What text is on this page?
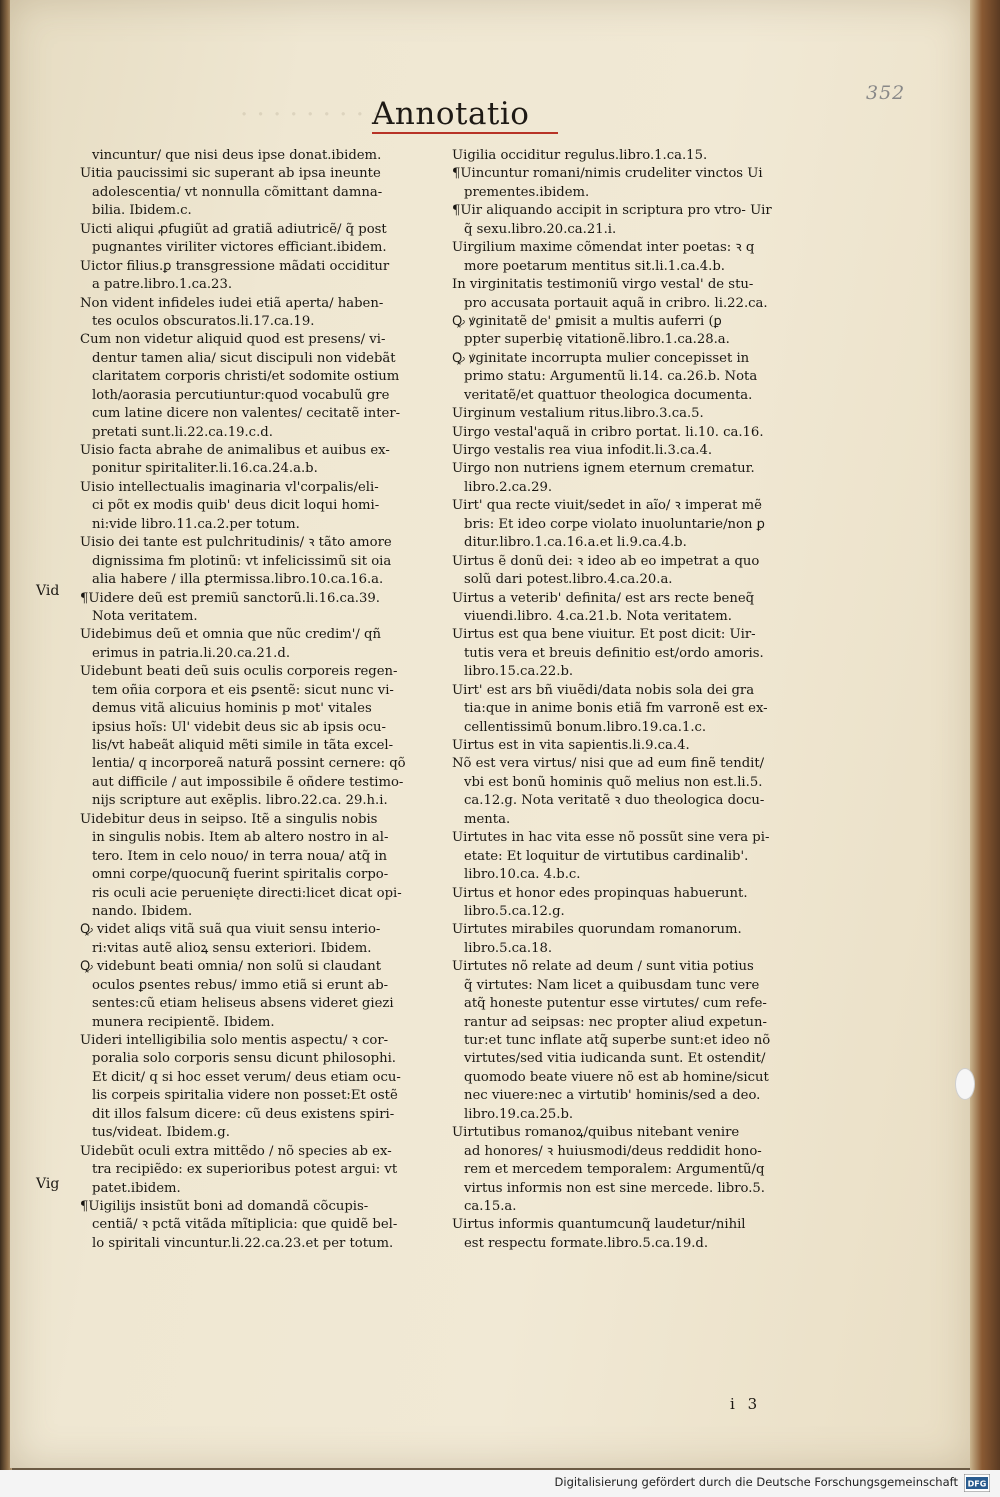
· · · · · · · · ·
352
Annotatio
Vid
Vig
vincuntur/ que nisi deus ipse donat.ibidem.
Uitia paucissimi sic superant ab ipsa ineunte
adolescentia/ vt nonnulla cõmittant damna-
bilia. Ibidem.c.
Uicti aliqui ꝓfugiũt ad gratiã adiutricẽ/ q̃ post
pugnantes viriliter victores efficiant.ibidem.
Uictor filius.ꝑ transgressione mãdati occiditur
a patre.libro.1.ca.23.
Non vident infideles iudei etiã aperta/ haben-
tes oculos obscuratos.li.17.ca.19.
Cum non videtur aliquid quod est presens/ vi-
dentur tamen alia/ sicut discipuli non videbãt
claritatem corporis christi/et sodomite ostium
loth/aorasia percutiuntur:quod vocabulũ gre
cum latine dicere non valentes/ cecitatẽ inter-
pretati sunt.li.22.ca.19.c.d.
Uisio facta abrahe de animalibus et auibus ex-
ponitur spiritaliter.li.16.ca.24.a.b.
Uisio intellectualis imaginaria vl'corpalis/eli-
ci põt ex modis quib' deus dicit loqui homi-
ni:vide libro.11.ca.2.per totum.
Uisio dei tante est pulchritudinis/ ꝛ tãto amore
dignissima fm plotinũ: vt infelicissimũ sit oia
alia habere / illa ꝑtermissa.libro.10.ca.16.a.
¶Uidere deũ est premiũ sanctorũ.li.16.ca.39.
Nota veritatem.
Uidebimus deũ et omnia que nũc credim'/ qñ
erimus in patria.li.20.ca.21.d.
Uidebunt beati deũ suis oculis corporeis regen-
tem oñia corpora et eis ꝑsentẽ: sicut nunc vi-
demus vitã alicuius hominis p mot' vitales
ipsius hoĩs: Ul' videbit deus sic ab ipsis ocu-
lis/vt habeãt aliquid mẽti simile in tãta excel-
lentia/ q incorporeã naturã possint cernere: qõ
aut difficile / aut impossibile ẽ oñdere testimo-
nijs scripture aut exẽplis. libro.22.ca. 29.h.i.
Uidebitur deus in seipso. Itẽ a singulis nobis
in singulis nobis. Item ab altero nostro in al-
tero. Item in celo nouo/ in terra noua/ atq̃ in
omni corpe/quocunq̃ fuerint spiritalis corpo-
ris oculi acie peruenięte directi:licet dicat opi-
nando. Ibidem.
Ꝙ videt aliqs vitã suã qua viuit sensu interio-
ri:vitas autẽ alioꝝ sensu exteriori. Ibidem.
Ꝙ videbunt beati omnia/ non solũ si claudant
oculos ꝑsentes rebus/ immo etiã si erunt ab-
sentes:cũ etiam heliseus absens videret giezi
munera recipientẽ. Ibidem.
Uideri intelligibilia solo mentis aspectu/ ꝛ cor-
poralia solo corporis sensu dicunt philosophi.
Et dicit/ q si hoc esset verum/ deus etiam ocu-
lis corpeis spiritalia videre non posset:Et ostẽ
dit illos falsum dicere: cũ deus existens spiri-
tus/videat. Ibidem.g.
Uidebũt oculi extra mittẽdo / nõ species ab ex-
tra recipiẽdo: ex superioribus potest argui: vt
patet.ibidem.
¶Uigilijs insistũt boni ad domandã cõcupis-
centiã/ ꝛ pctã vitãda mĩtiplicia: que quidẽ bel-
lo spiritali vincuntur.li.22.ca.23.et per totum.
Uigilia occiditur regulus.libro.1.ca.15.
¶Uincuntur romani/nimis crudeliter vinctos Ui
prementes.ibidem.
¶Uir aliquando accipit in scriptura pro vtro- Uir
q̃ sexu.libro.20.ca.21.i.
Uirgilium maxime cõmendat inter poetas: ꝛ q
more poetarum mentitus sit.li.1.ca.4.b.
In virginitatis testimoniũ virgo vestal' de stu-
pro accusata portauit aquã in cribro. li.22.ca.
Ꝙ ꝟginitatẽ de' ꝑmisit a multis auferri (ꝑ
ppter superbię vitationẽ.libro.1.ca.28.a.
Ꝙ ꝟginitate incorrupta mulier concepisset in
primo statu: Argumentũ li.14. ca.26.b. Nota
veritatẽ/et quattuor theologica documenta.
Uirginum vestalium ritus.libro.3.ca.5.
Uirgo vestal'aquã in cribro portat. li.10. ca.16.
Uirgo vestalis rea viua infodit.li.3.ca.4.
Uirgo non nutriens ignem eternum crematur.
libro.2.ca.29.
Uirt' qua recte viuit/sedet in aĩo/ ꝛ imperat mẽ
bris: Et ideo corpe violato inuoluntarie/non ꝑ
ditur.libro.1.ca.16.a.et li.9.ca.4.b.
Uirtus ẽ donũ dei: ꝛ ideo ab eo impetrat a quo
solũ dari potest.libro.4.ca.20.a.
Uirtus a veterib' definita/ est ars recte beneq̃
viuendi.libro. 4.ca.21.b. Nota veritatem.
Uirtus est qua bene viuitur. Et post dicit: Uir-
tutis vera et breuis definitio est/ordo amoris.
libro.15.ca.22.b.
Uirt' est ars bñ viuẽdi/data nobis sola dei gra
tia:que in anime bonis etiã fm varronẽ est ex-
cellentissimũ bonum.libro.19.ca.1.c.
Uirtus est in vita sapientis.li.9.ca.4.
Nõ est vera virtus/ nisi que ad eum finẽ tendit/
vbi est bonũ hominis quõ melius non est.li.5.
ca.12.g. Nota veritatẽ ꝛ duo theologica docu-
menta.
Uirtutes in hac vita esse nõ possũt sine vera pi-
etate: Et loquitur de virtutibus cardinalib'.
libro.10.ca. 4.b.c.
Uirtus et honor edes propinquas habuerunt.
libro.5.ca.12.g.
Uirtutes mirabiles quorundam romanorum.
libro.5.ca.18.
Uirtutes nõ relate ad deum / sunt vitia potius
q̃ virtutes: Nam licet a quibusdam tunc vere
atq̃ honeste putentur esse virtutes/ cum refe-
rantur ad seipsas: nec propter aliud expetun-
tur:et tunc inflate atq̃ superbe sunt:et ideo nõ
virtutes/sed vitia iudicanda sunt. Et ostendit/
quomodo beate viuere nõ est ab homine/sicut
nec viuere:nec a virtutib' hominis/sed a deo.
libro.19.ca.25.b.
Uirtutibus romanoꝝ/quibus nitebant venire
ad honores/ ꝛ huiusmodi/deus reddidit hono-
rem et mercedem temporalem: Argumentũ/q
virtus informis non est sine mercede. libro.5.
ca.15.a.
Uirtus informis quantumcunq̃ laudetur/nihil
est respectu formate.libro.5.ca.19.d.
i 3
Digitalisierung gefördert durch die Deutsche Forschungsgemeinschaft DFG
